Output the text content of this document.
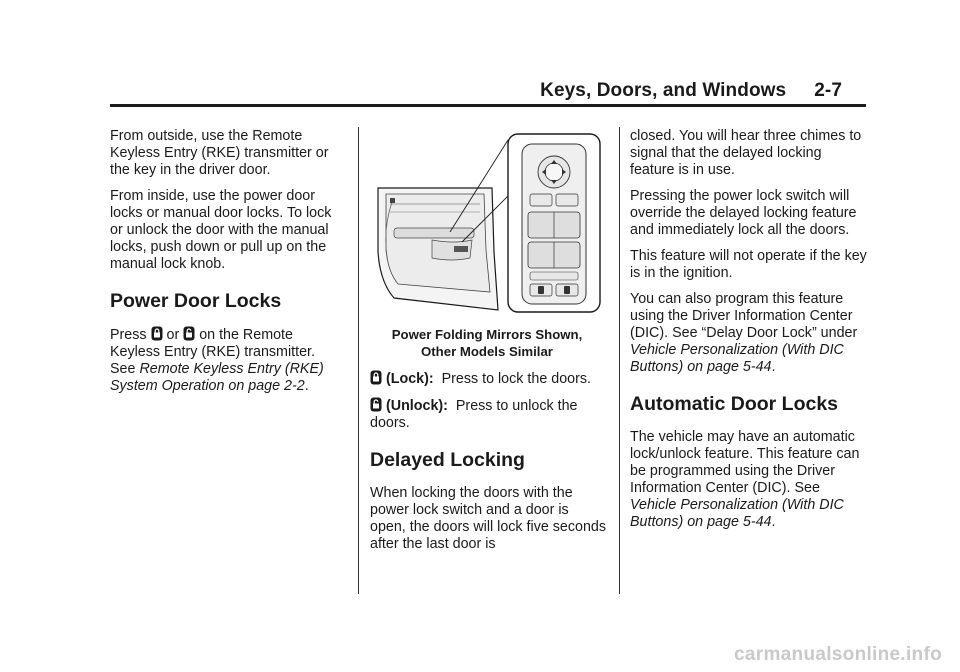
Keys, Doors, and Windows 2-7

From outside, use the Remote Keyless Entry (RKE) transmitter or the key in the driver door.

From inside, use the power door locks or manual door locks. To lock or unlock the door with the manual locks, push down or pull up on the manual lock knob.

Power Door Locks

Press or on the Remote Keyless Entry (RKE) transmitter. See Remote Keyless Entry (RKE) System Operation on page 2-2.

Power Folding Mirrors Shown,
Other Models Similar

(Lock): Press to lock the doors.

(Unlock): Press to unlock the doors.

Delayed Locking

When locking the doors with the power lock switch and a door is open, the doors will lock five seconds after the last door is

closed. You will hear three chimes to signal that the delayed locking feature is in use.

Pressing the power lock switch will override the delayed locking feature and immediately lock all the doors.

This feature will not operate if the key is in the ignition.

You can also program this feature using the Driver Information Center (DIC). See “Delay Door Lock” under Vehicle Personalization (With DIC Buttons) on page 5-44.

Automatic Door Locks

The vehicle may have an automatic lock/unlock feature. This feature can be programmed using the Driver Information Center (DIC). See Vehicle Personalization (With DIC Buttons) on page 5-44.

carmanualsonline.info
